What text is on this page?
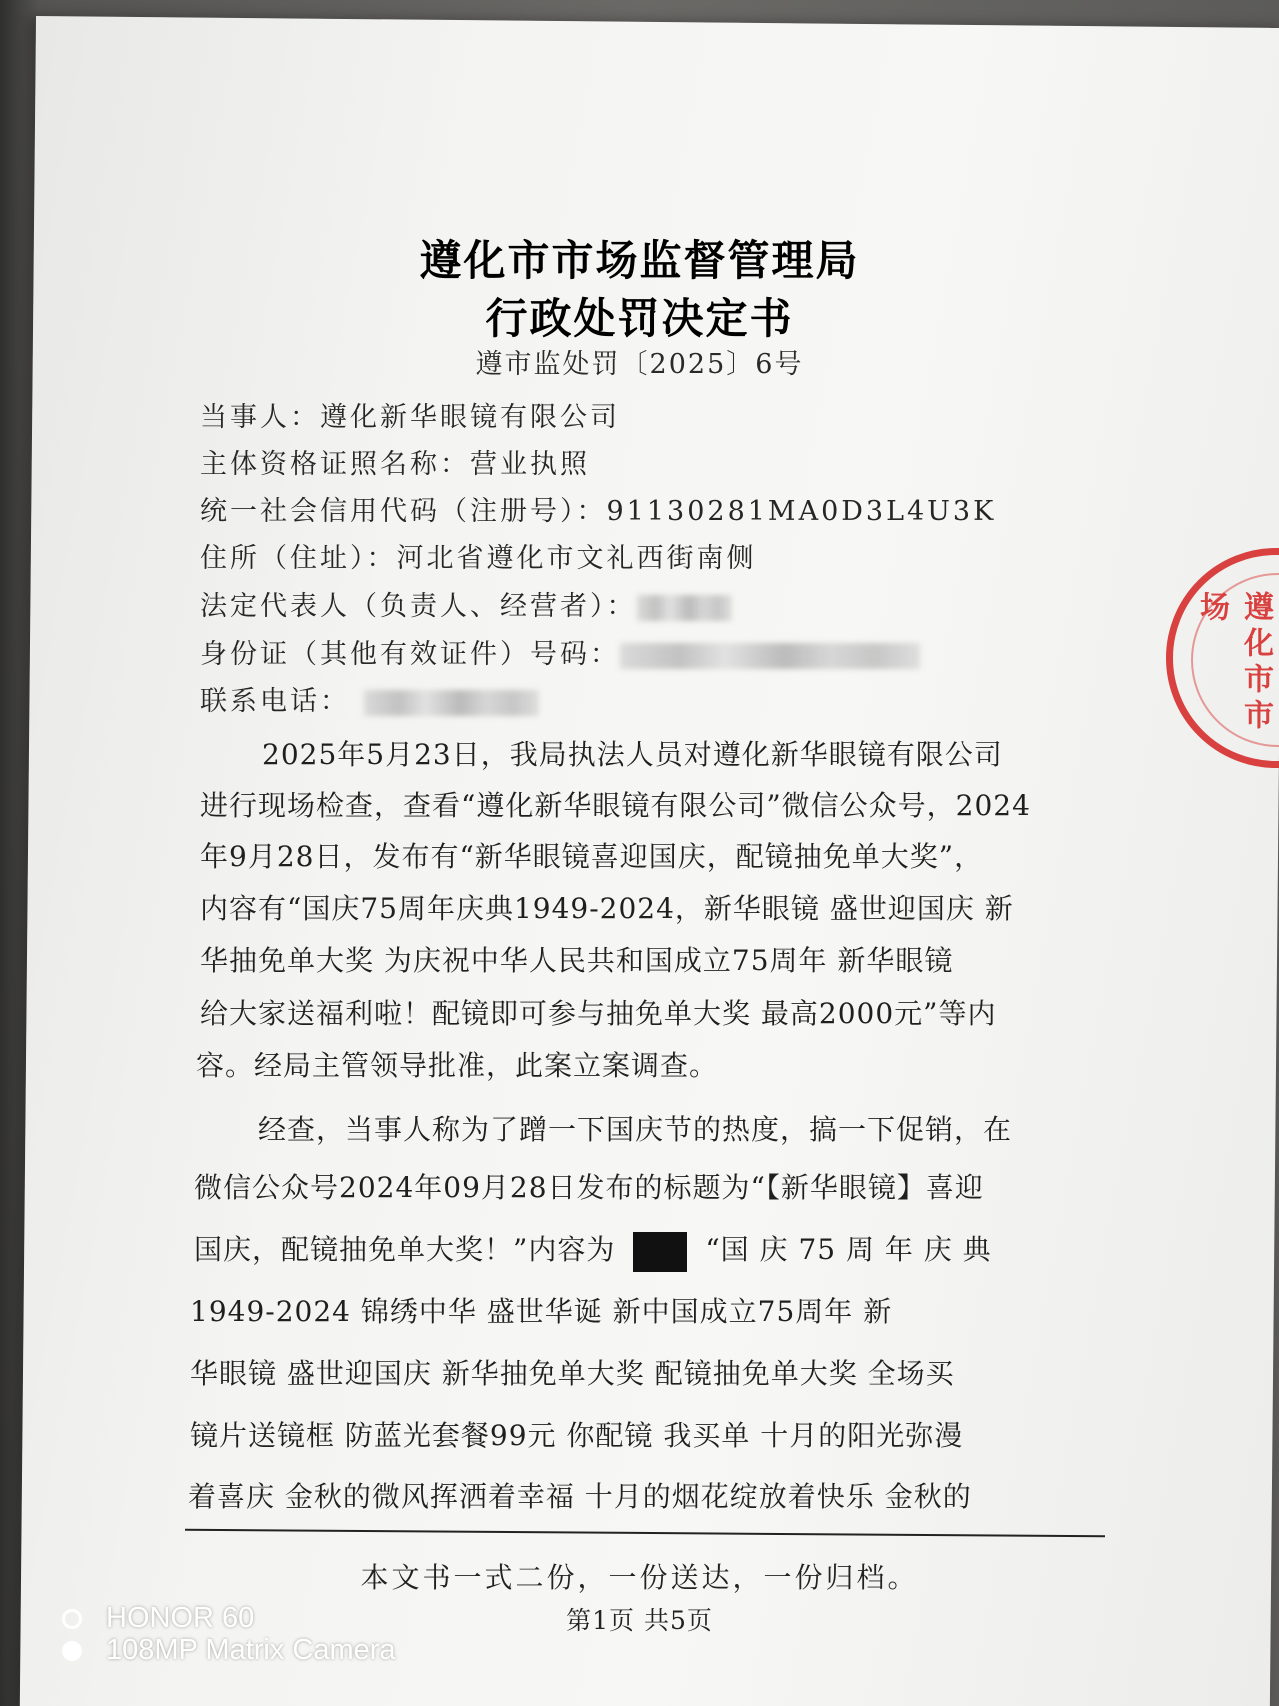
遵化市市场监督管理局
行政处罚决定书
遵市监处罚〔2025〕6号
当事人：遵化新华眼镜有限公司
主体资格证照名称：营业执照
统一社会信用代码（注册号）：91130281MA0D3L4U3K
住所（住址）：河北省遵化市文礼西街南侧
法定代表人（负责人、经营者）：
身份证（其他有效证件）号码：
联系电话：
2025年5月23日，我局执法人员对遵化新华眼镜有限公司
进行现场检查，查看“遵化新华眼镜有限公司”微信公众号，2024
年9月28日，发布有“新华眼镜喜迎国庆，配镜抽免单大奖”，
内容有“国庆75周年庆典1949-2024，新华眼镜 盛世迎国庆 新
华抽免单大奖 为庆祝中华人民共和国成立75周年 新华眼镜
给大家送福利啦！配镜即可参与抽免单大奖 最高2000元”等内
容。经局主管领导批准，此案立案调查。
经查，当事人称为了蹭一下国庆节的热度，搞一下促销，在
微信公众号2024年09月28日发布的标题为“【新华眼镜】喜迎
国庆，配镜抽免单大奖！”内容为	“国 庆 75 周 年 庆 典
1949-2024 锦绣中华 盛世华诞 新中国成立75周年 新
华眼镜 盛世迎国庆 新华抽免单大奖 配镜抽免单大奖 全场买
镜片送镜框 防蓝光套餐99元 你配镜 我买单 十月的阳光弥漫
着喜庆 金秋的微风挥洒着幸福 十月的烟花绽放着快乐 金秋的
本文书一式二份，一份送达，一份归档。
第1页 共5页
遵化市市场
HONOR 60
108MP Matrix Camera
